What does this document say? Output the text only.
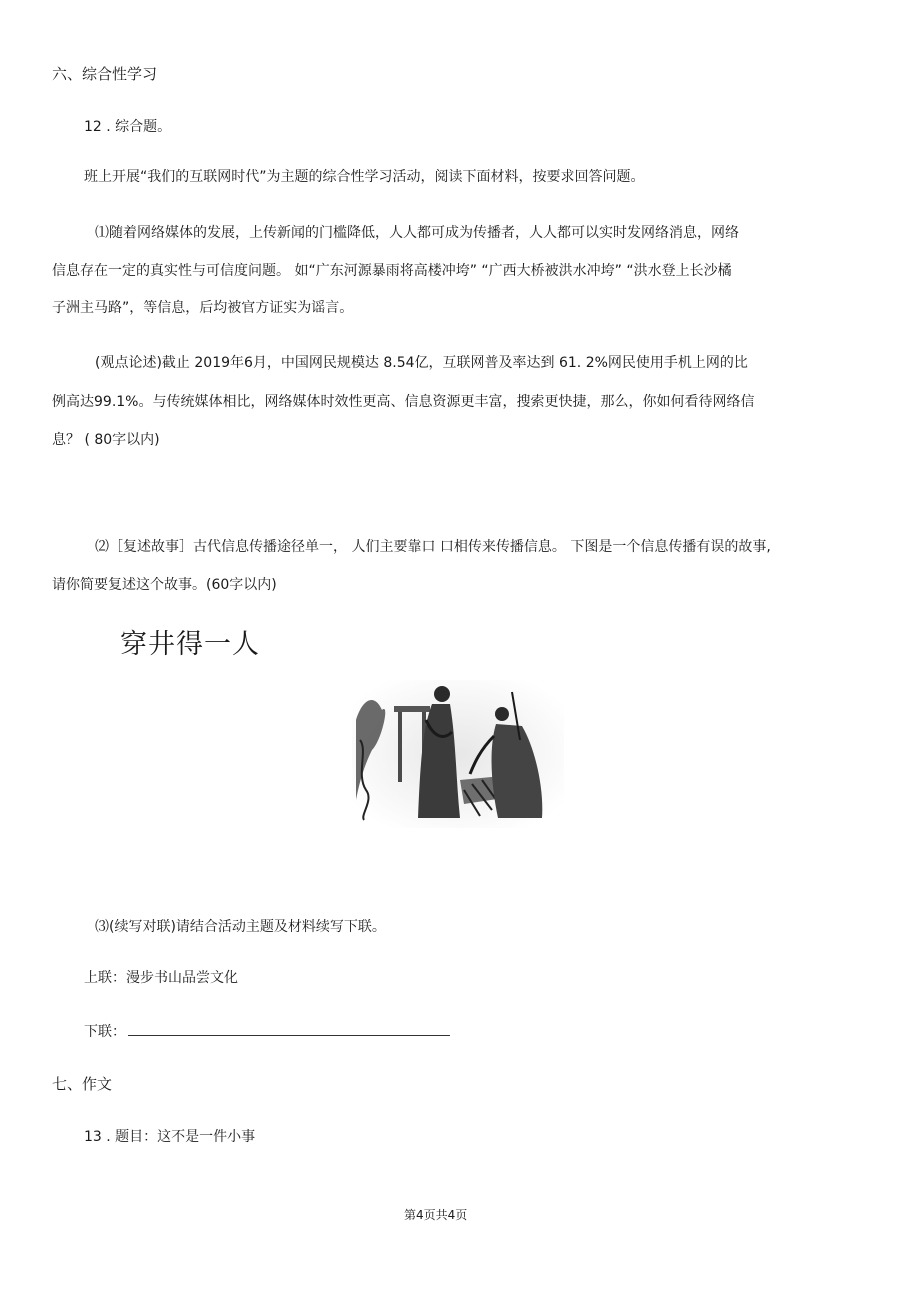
六、综合性学习
12 . 综合题。
班上开展“我们的互联网时代”为主题的综合性学习活动，阅读下面材料，按要求回答问题。
⑴随着网络媒体的发展，上传新闻的门槛降低，人人都可成为传播者，人人都可以实时发网络消息，网络
信息存在一定的真实性与可信度问题。 如“广东河源暴雨将高楼冲垮” “广西大桥被洪水冲垮” “洪水登上长沙橘
子洲主马路”，等信息，后均被官方证实为谣言。
(观点论述)截止 2019年6月，中国网民规模达 8.54亿，互联网普及率达到 61. 2%网民使用手机上网的比
例高达99.1%。与传统媒体相比，网络媒体时效性更高、信息资源更丰富，搜索更快捷，那么，你如何看待网络信
息？ ( 80字以内)
⑵［复述故事］古代信息传播途径单一， 人们主要靠口 口相传来传播信息。 下图是一个信息传播有误的故事,
请你简要复述这个故事。(60字以内)
穿井得一人
⑶(续写对联)请结合活动主题及材料续写下联。
上联：漫步书山品尝文化
下联：
七、作文
13 . 题目：这不是一件小事
第4页共4页
